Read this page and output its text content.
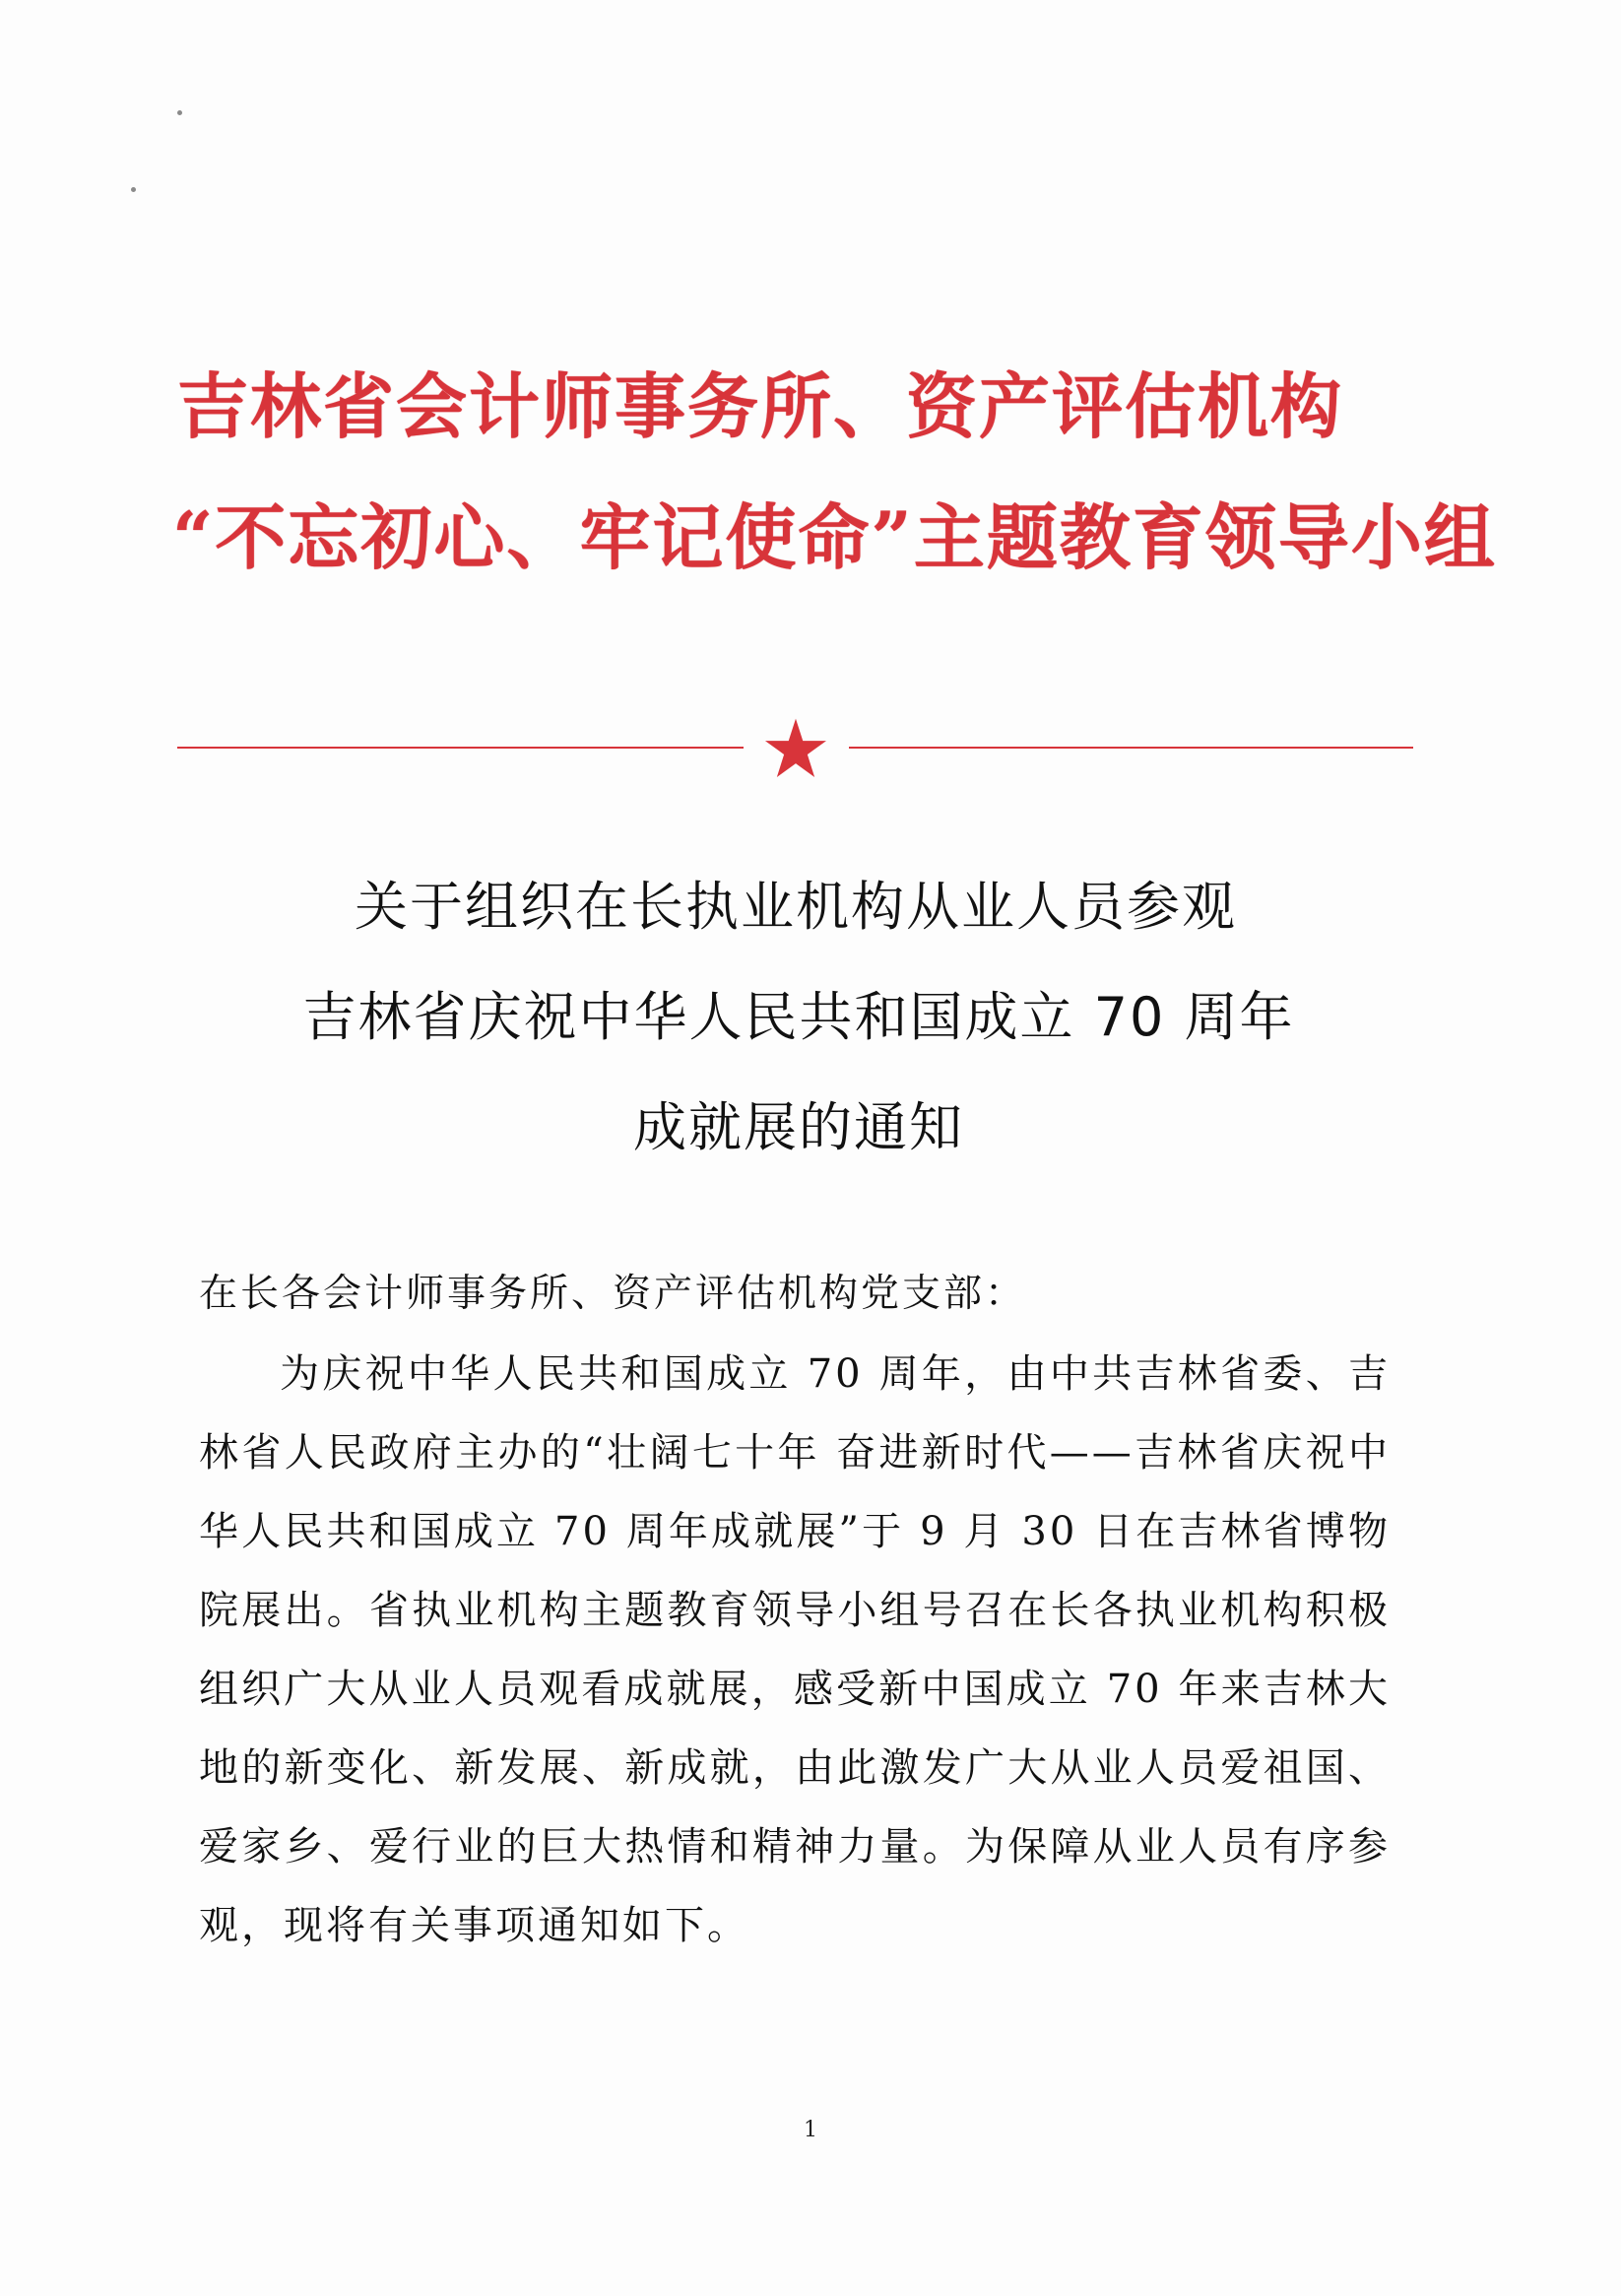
吉林省会计师事务所、资产评估机构
“不忘初心、牢记使命”主题教育领导小组
关于组织在长执业机构从业人员参观
吉林省庆祝中华人民共和国成立 70 周年
成就展的通知
在长各会计师事务所、资产评估机构党支部：
为庆祝中华人民共和国成立 70 周年，由中共吉林省委、吉林省人民政府主办的“壮阔七十年 奋进新时代——吉林省庆祝中华人民共和国成立 70 周年成就展”于 9 月 30 日在吉林省博物院展出。省执业机构主题教育领导小组号召在长各执业机构积极组织广大从业人员观看成就展，感受新中国成立 70 年来吉林大地的新变化、新发展、新成就，由此激发广大从业人员爱祖国、爱家乡、爱行业的巨大热情和精神力量。为保障从业人员有序参观，现将有关事项通知如下。
1
